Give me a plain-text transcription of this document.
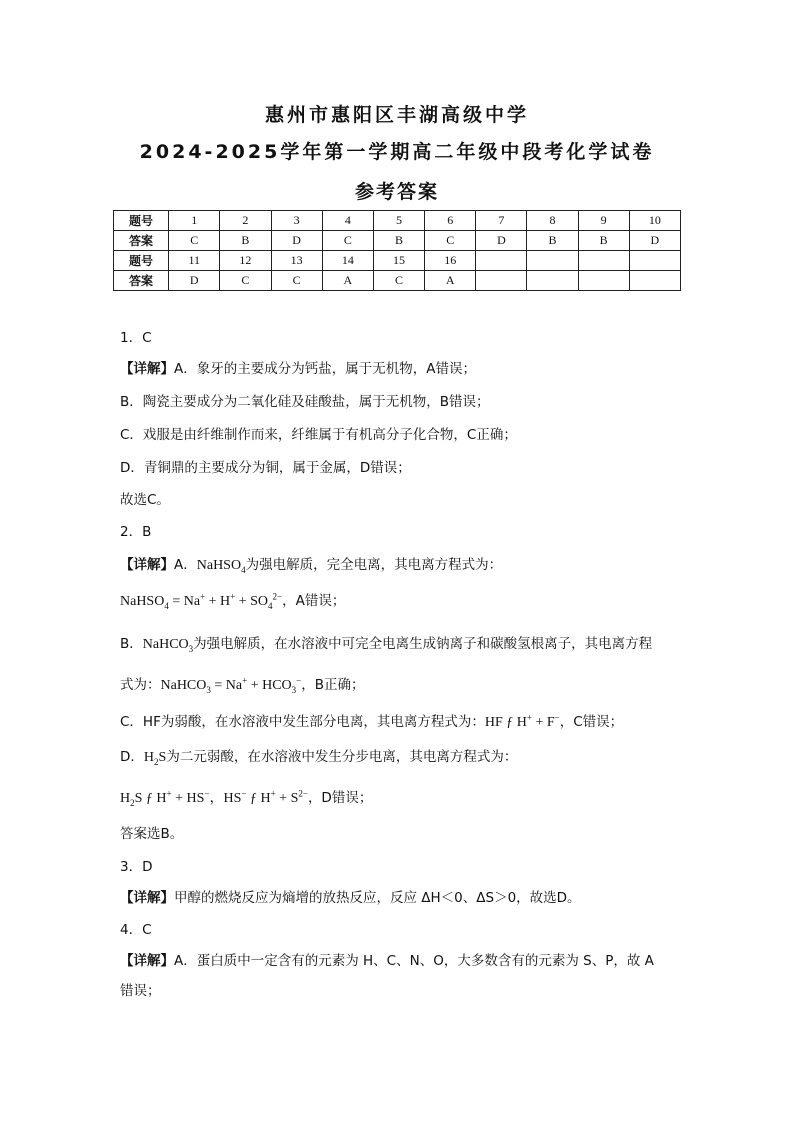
惠州市惠阳区丰湖高级中学
2024-2025学年第一学期高二年级中段考化学试卷
参考答案
题号	1	2	3	4	5	6	7	8	9	10
答案	C	B	D	C	B	C	D	B	B	D
题号	11	12	13	14	15	16				
答案	D	C	C	A	C	A				
1．C
【详解】A．象牙的主要成分为钙盐，属于无机物，A错误；
B．陶瓷主要成分为二氧化硅及硅酸盐，属于无机物，B错误；
C．戏服是由纤维制作而来，纤维属于有机高分子化合物，C正确；
D．青铜鼎的主要成分为铜，属于金属，D错误；
故选C。
2．B
【详解】A．NaHSO$_4$为强电解质，完全电离，其电离方程式为：
NaHSO$_4$ = $Na^+ + H^+ + SO_4^{2-}$，A错误；
B．NaHCO$_3$为强电解质，在水溶液中可完全电离生成钠离子和碳酸氢根离子，其电离方程
式为：NaHCO$_3$ = $Na^+ + HCO_3^-$，B正确；
C．HF为弱酸，在水溶液中发生部分电离，其电离方程式为：HF ƒ H+ + F−，C错误；
D．$H_2S$为二元弱酸，在水溶液中发生分步电离，其电离方程式为：
$H_2S$ ƒ H+ + HS−，HS− ƒ $H^+ + S^{2-}$，D错误；
答案选B。
3．D
【详解】甲醇的燃烧反应为熵增的放热反应，反应 ΔH＜0、ΔS＞0，故选D。
4．C
【详解】A．蛋白质中一定含有的元素为 H、C、N、O，大多数含有的元素为 S、P，故 A
错误；
